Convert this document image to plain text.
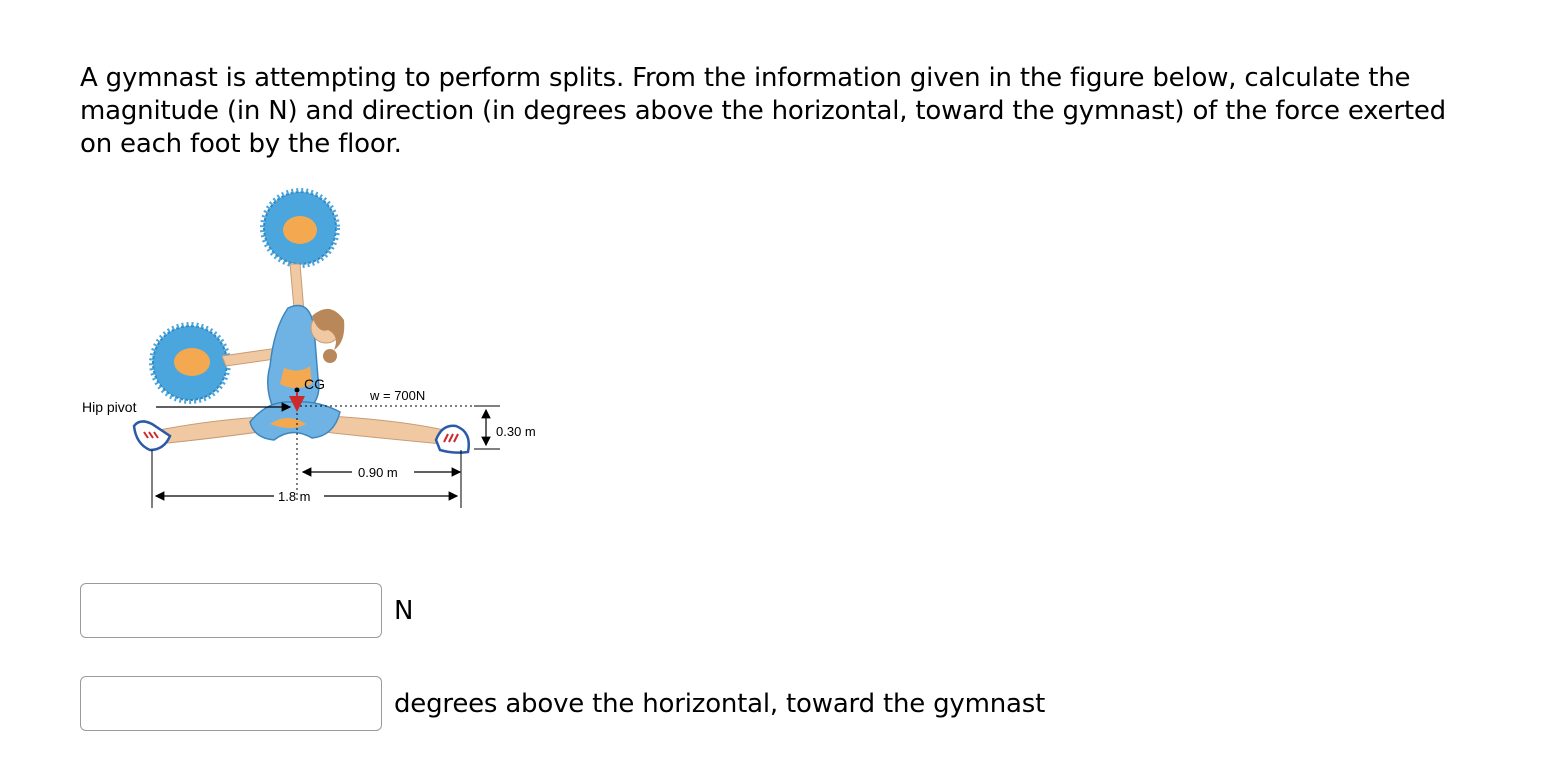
A gymnast is attempting to perform splits. From the information given in the figure below, calculate the magnitude (in N) and direction (in degrees above the horizontal, toward the gymnast) of the force exerted on each foot by the floor.

Hip pivot
CG
w = 700N
0.30 m
0.90 m
1.8 m
N
degrees above the horizontal, toward the gymnast
